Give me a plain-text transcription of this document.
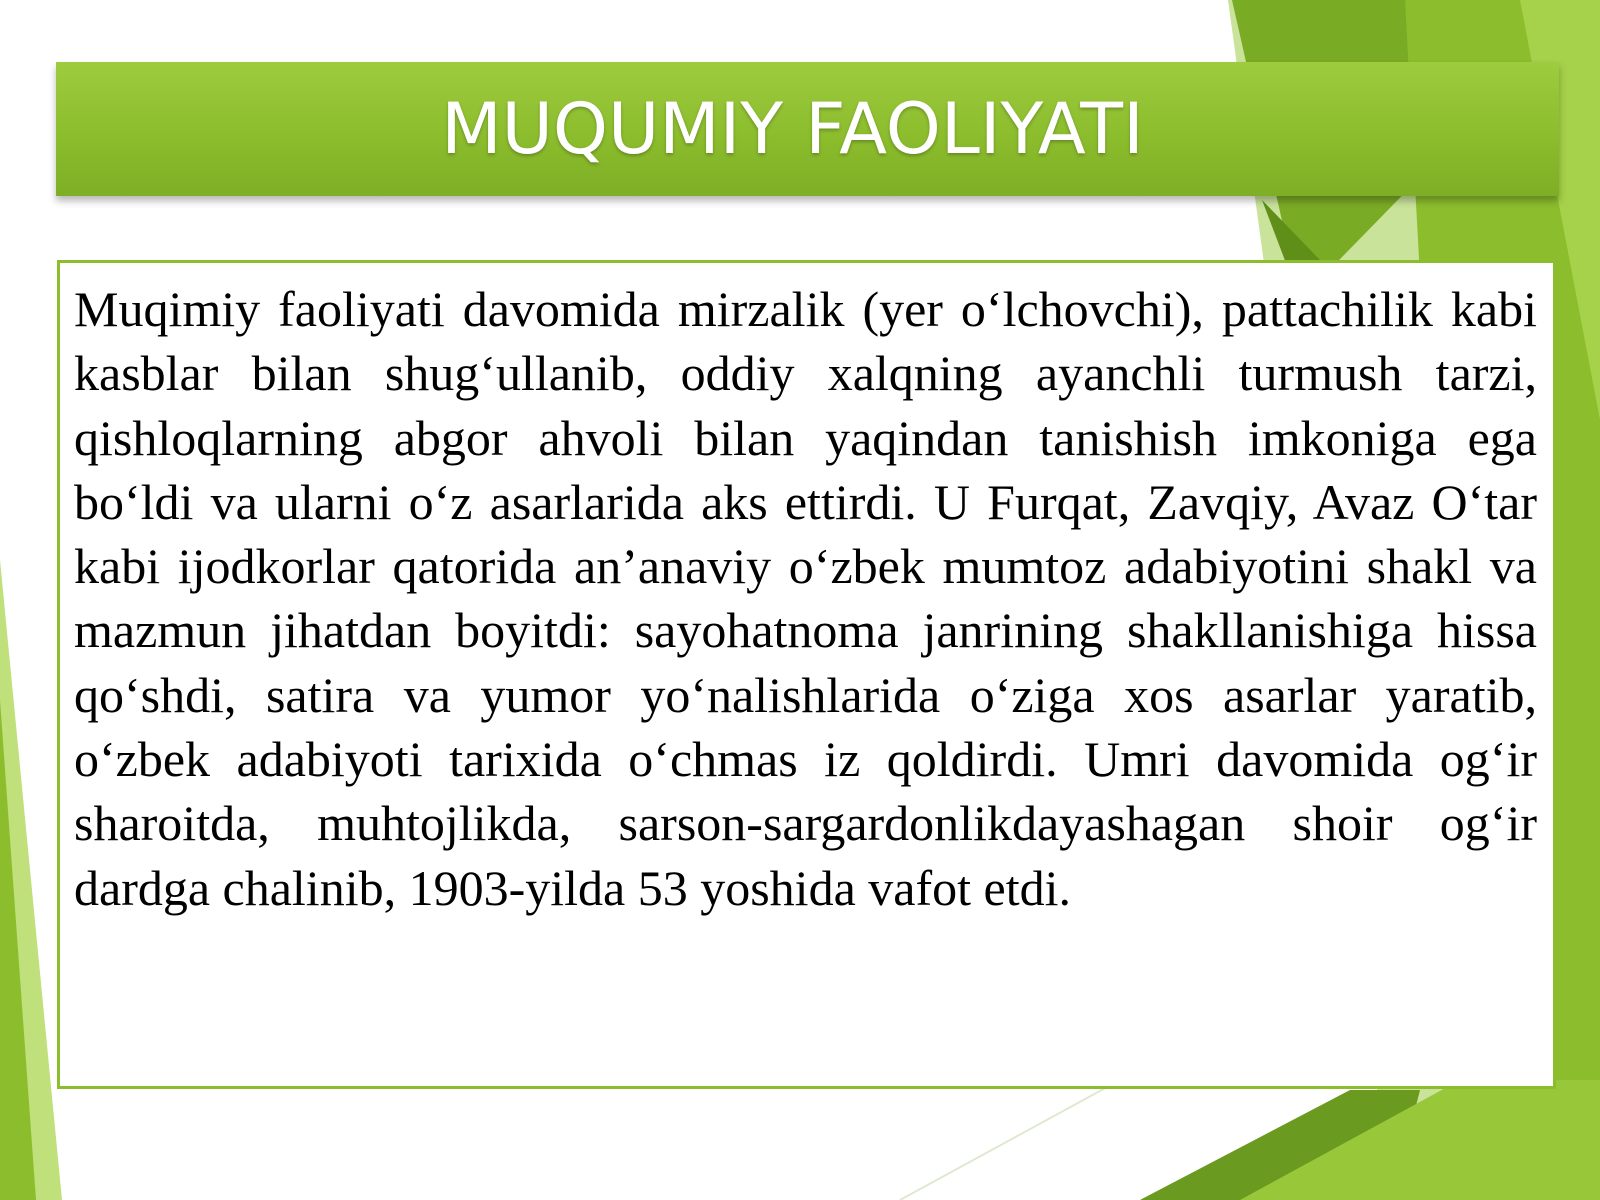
MUQUMIY FAOLIYATI

Muqimiy faoliyati davomida mirzalik (yer o‘lchovchi), pattachilik kabi kasblar bilan shug‘ullanib, oddiy xalqning ayanchli turmush tarzi, qishloqlarning abgor ahvoli bilan yaqindan tanishish imkoniga ega bo‘ldi va ularni o‘z asarlarida aks ettirdi. U Furqat, Zavqiy, Avaz O‘tar kabi ijodkorlar qatorida an’anaviy o‘zbek mumtoz adabiyotini shakl va mazmun jihatdan boyitdi: sayohatnoma janrining shakllanishiga hissa qo‘shdi, satira va yumor yo‘nalishlarida o‘ziga xos asarlar yaratib, o‘zbek adabiyoti tarixida o‘chmas iz qoldirdi. Umri davomida og‘ir sharoitda, muhtojlikda, sarson-sargardonlikdayashagan shoir og‘ir dardga chalinib, 1903-yilda 53 yoshida vafot etdi.
